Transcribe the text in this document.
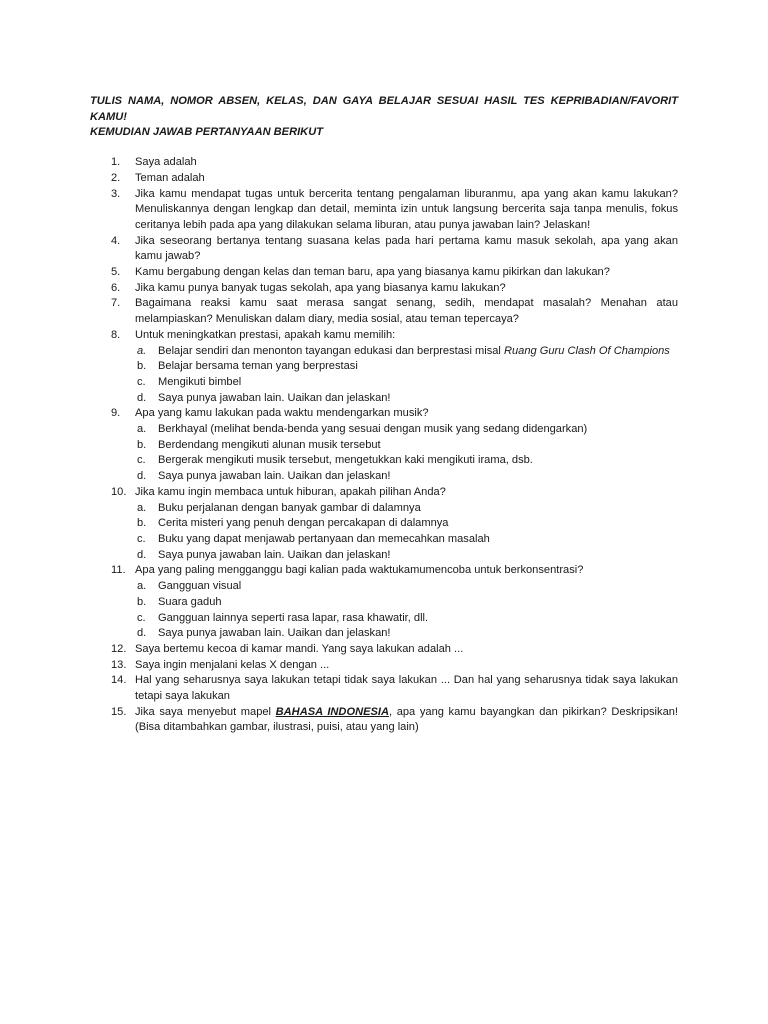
TULIS NAMA, NOMOR ABSEN, KELAS, DAN GAYA BELAJAR SESUAI HASIL TES KEPRIBADIAN/FAVORIT KAMU!

KEMUDIAN JAWAB PERTANYAAN BERIKUT

1. Saya adalah
2. Teman adalah
3. Jika kamu mendapat tugas untuk bercerita tentang pengalaman liburanmu, apa yang akan kamu lakukan? Menuliskannya dengan lengkap dan detail, meminta izin untuk langsung bercerita saja tanpa menulis, fokus ceritanya lebih pada apa yang dilakukan selama liburan, atau punya jawaban lain? Jelaskan!
4. Jika seseorang bertanya tentang suasana kelas pada hari pertama kamu masuk sekolah, apa yang akan kamu jawab?
5. Kamu bergabung dengan kelas dan teman baru, apa yang biasanya kamu pikirkan dan lakukan?
6. Jika kamu punya banyak tugas sekolah, apa yang biasanya kamu lakukan?
7. Bagaimana reaksi kamu saat merasa sangat senang, sedih, mendapat masalah? Menahan atau melampiaskan? Menuliskan dalam diary, media sosial, atau teman tepercaya?
8. Untuk meningkatkan prestasi, apakah kamu memilih:
a. Belajar sendiri dan menonton tayangan edukasi dan berprestasi misal Ruang Guru Clash Of Champions
b. Belajar bersama teman yang berprestasi
c. Mengikuti bimbel
d. Saya punya jawaban lain. Uaikan dan jelaskan!
9. Apa yang kamu lakukan pada waktu mendengarkan musik?
a. Berkhayal (melihat benda-benda yang sesuai dengan musik yang sedang didengarkan)
b. Berdendang mengikuti alunan musik tersebut
c. Bergerak mengikuti musik tersebut, mengetukkan kaki mengikuti irama, dsb.
d. Saya punya jawaban lain. Uaikan dan jelaskan!
10. Jika kamu ingin membaca untuk hiburan, apakah pilihan Anda?
a. Buku perjalanan dengan banyak gambar di dalamnya
b. Cerita misteri yang penuh dengan percakapan di dalamnya
c. Buku yang dapat menjawab pertanyaan dan memecahkan masalah
d. Saya punya jawaban lain. Uaikan dan jelaskan!
11. Apa yang paling mengganggu bagi kalian pada waktukamumencoba untuk berkonsentrasi?
a. Gangguan visual
b. Suara gaduh
c. Gangguan lainnya seperti rasa lapar, rasa khawatir, dll.
d. Saya punya jawaban lain. Uaikan dan jelaskan!
12. Saya bertemu kecoa di kamar mandi. Yang saya lakukan adalah ...
13. Saya ingin menjalani kelas X dengan ...
14. Hal yang seharusnya saya lakukan tetapi tidak saya lakukan ... Dan hal yang seharusnya tidak saya lakukan tetapi saya lakukan
15. Jika saya menyebut mapel BAHASA INDONESIA, apa yang kamu bayangkan dan pikirkan? Deskripsikan! (Bisa ditambahkan gambar, ilustrasi, puisi, atau yang lain)
